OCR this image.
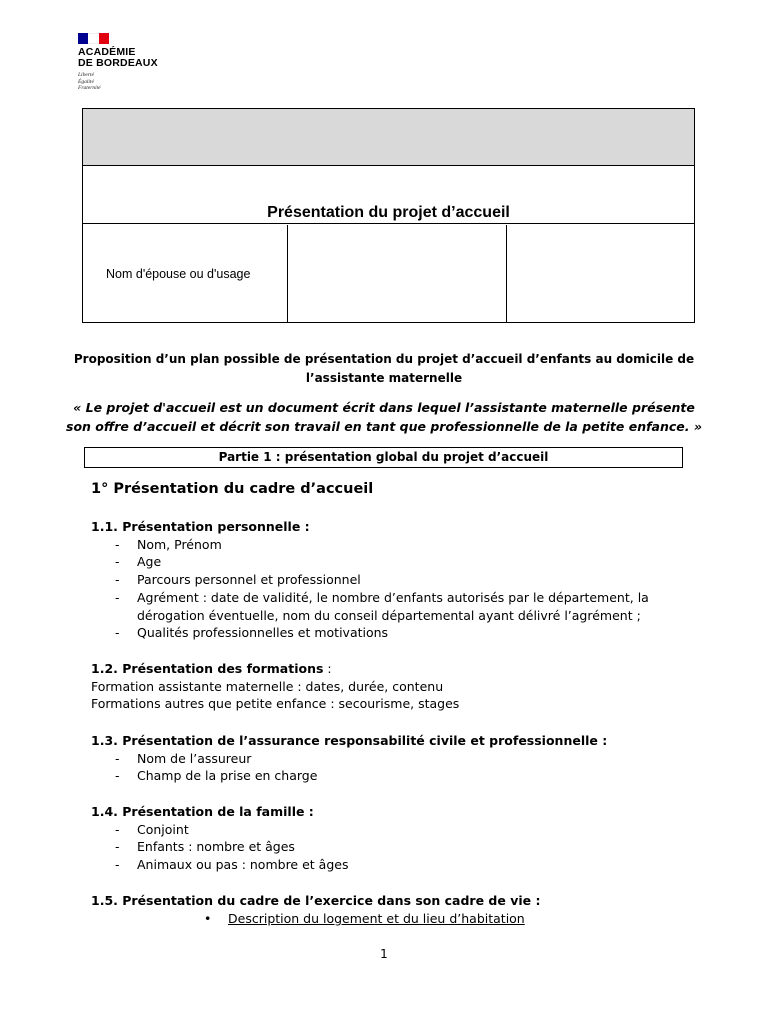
ACADÉMIE
DE BORDEAUX
Liberté
Égalité
Fraternité
Présentation du projet d’accueil
Nom d'épouse ou d'usage
Proposition d’un plan possible de présentation du projet d’accueil d’enfants au domicile de l’assistante maternelle
« Le projet d'accueil est un document écrit dans lequel l’assistante maternelle présente son offre d’accueil et décrit son travail en tant que professionnelle de la petite enfance. »
Partie 1 : présentation global du projet d’accueil
1° Présentation du cadre d’accueil
1.1. Présentation personnelle :
- Nom, Prénom
- Age
- Parcours personnel et professionnel
- Agrément : date de validité, le nombre d’enfants autorisés par le département, la dérogation éventuelle, nom du conseil départemental ayant délivré l’agrément ;
- Qualités professionnelles et motivations
1.2. Présentation des formations :

Formation assistante maternelle : dates, durée, contenu

Formations autres que petite enfance : secourisme, stages

1.3. Présentation de l’assurance responsabilité civile et professionnelle :
- Nom de l’assureur
- Champ de la prise en charge
1.4. Présentation de la famille :
- Conjoint
- Enfants : nombre et âges
- Animaux ou pas : nombre et âges
1.5. Présentation du cadre de l’exercice dans son cadre de vie :
• Description du logement et du lieu d’habitation
1
